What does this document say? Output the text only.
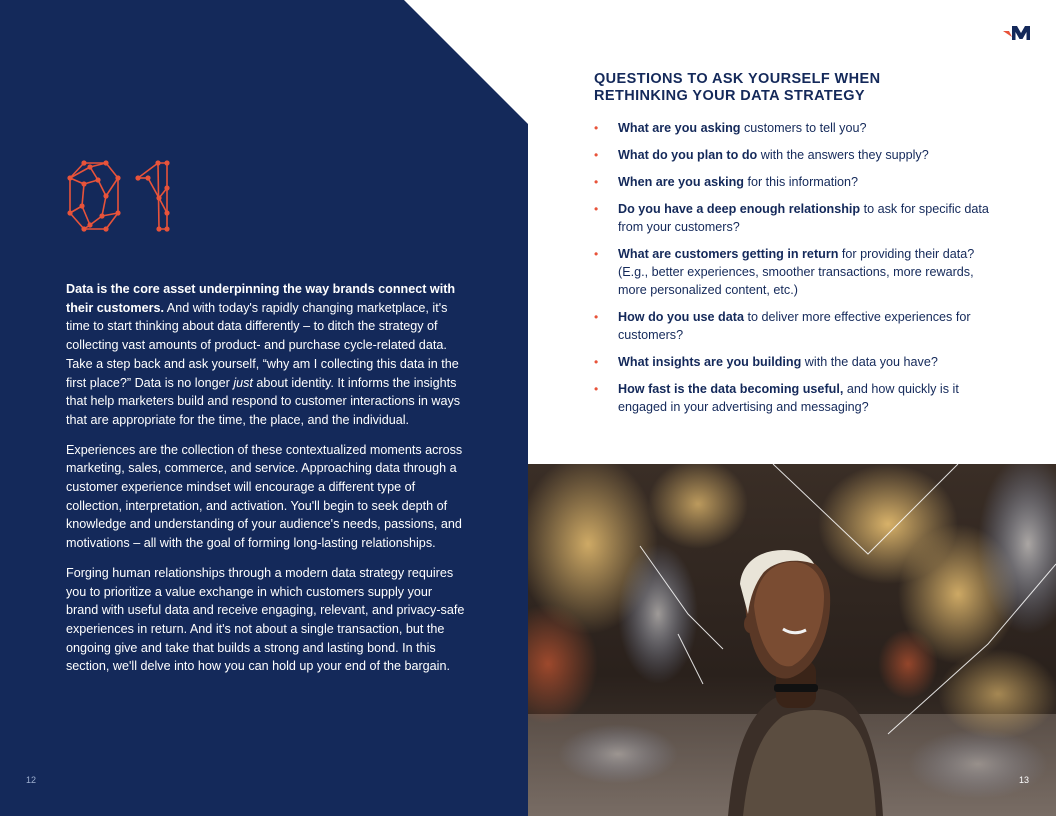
Data is the core asset underpinning the way brands connect with their customers. And with today's rapidly changing marketplace, it's time to start thinking about data differently – to ditch the strategy of collecting vast amounts of product- and purchase cycle-related data. Take a step back and ask yourself, “why am I collecting this data in the first place?” Data is no longer just about identity. It informs the insights that help marketers build and respond to customer interactions in ways that are appropriate for the time, the place, and the individual.

Experiences are the collection of these contextualized moments across marketing, sales, commerce, and service. Approaching data through a customer experience mindset will encourage a different type of collection, interpretation, and activation. You'll begin to seek depth of knowledge and understanding of your audience's needs, passions, and motivations – all with the goal of forming long-lasting relationships.

Forging human relationships through a modern data strategy requires you to prioritize a value exchange in which customers supply your brand with useful data and receive engaging, relevant, and privacy-safe experiences in return. And it's not about a single transaction, but the ongoing give and take that builds a strong and lasting bond. In this section, we'll delve into how you can hold up your end of the bargain.

12
QUESTIONS TO ASK YOURSELF WHEN
RETHINKING YOUR DATA STRATEGY
• What are you asking customers to tell you?
• What do you plan to do with the answers they supply?
• When are you asking for this information?
• Do you have a deep enough relationship to ask for specific data from your customers?
• What are customers getting in return for providing their data? (E.g., better experiences, smoother transactions, more rewards, more personalized content, etc.)
• How do you use data to deliver more effective experiences for customers?
• What insights are you building with the data you have?
• How fast is the data becoming useful, and how quickly is it engaged in your advertising and messaging?
13
